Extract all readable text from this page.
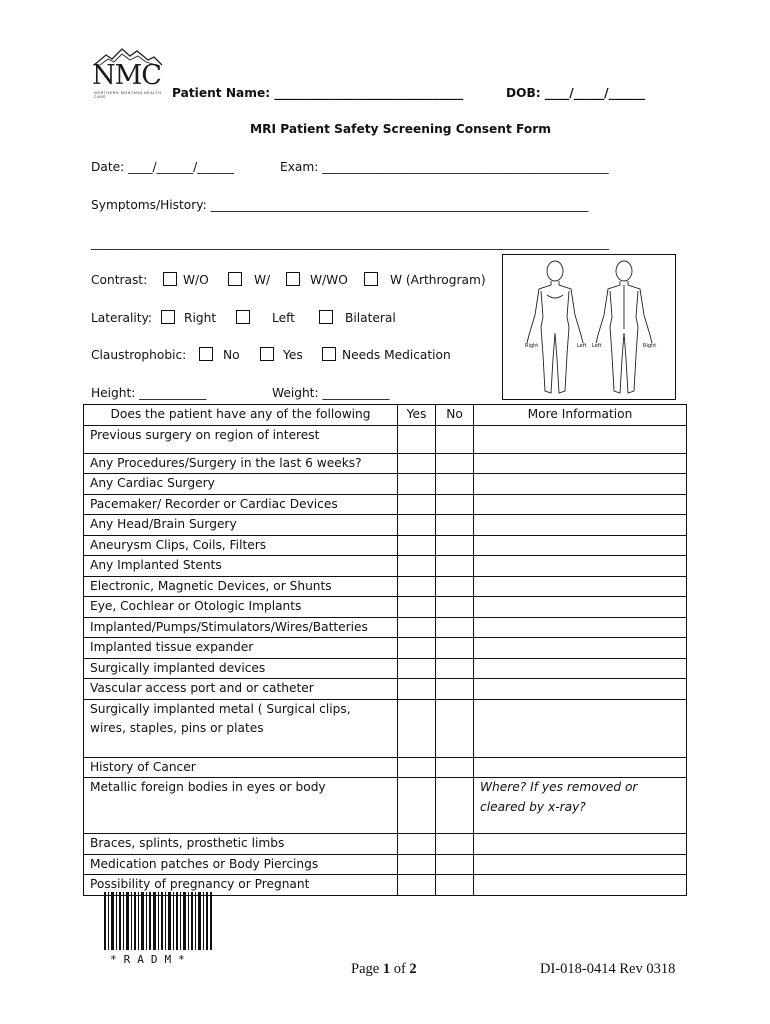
NMC
NORTHERN MONTANA HEALTH CARE	Patient Name: _______________________________	DOB: ____/_____/______
MRI Patient Safety Screening Consent Form
Date: ____/______/______	Exam: _______________________________________________
Symptoms/History: ______________________________________________________________
_____________________________________________________________________________________
Contrast:	W/O	W/	W/WO	W (Arthrogram)
Laterality:	Right	Left	Bilateral
Claustrophobic:	No	Yes	Needs Medication
Height: ___________	Weight: ___________
Right	Left Left	Right
Does the patient have any of the following	Yes	No	More Information
Previous surgery on region of interest			
Any Procedures/Surgery in the last 6 weeks?			
Any Cardiac Surgery			
Pacemaker/ Recorder or Cardiac Devices			
Any Head/Brain Surgery			
Aneurysm Clips, Coils, Filters			
Any Implanted Stents			
Electronic, Magnetic Devices, or Shunts			
Eye, Cochlear or Otologic Implants			
Implanted/Pumps/Stimulators/Wires/Batteries			
Implanted tissue expander			
Surgically implanted devices			
Vascular access port and or catheter			
Surgically implanted metal ( Surgical clips, wires, staples, pins or plates			
History of Cancer			
Metallic foreign bodies in eyes or body			Where? If yes removed or cleared by x-ray?
Braces, splints, prosthetic limbs			
Medication patches or Body Piercings			
Possibility of pregnancy or Pregnant			
*RADM*
Page 1 of 2	DI-018-0414 Rev 0318
